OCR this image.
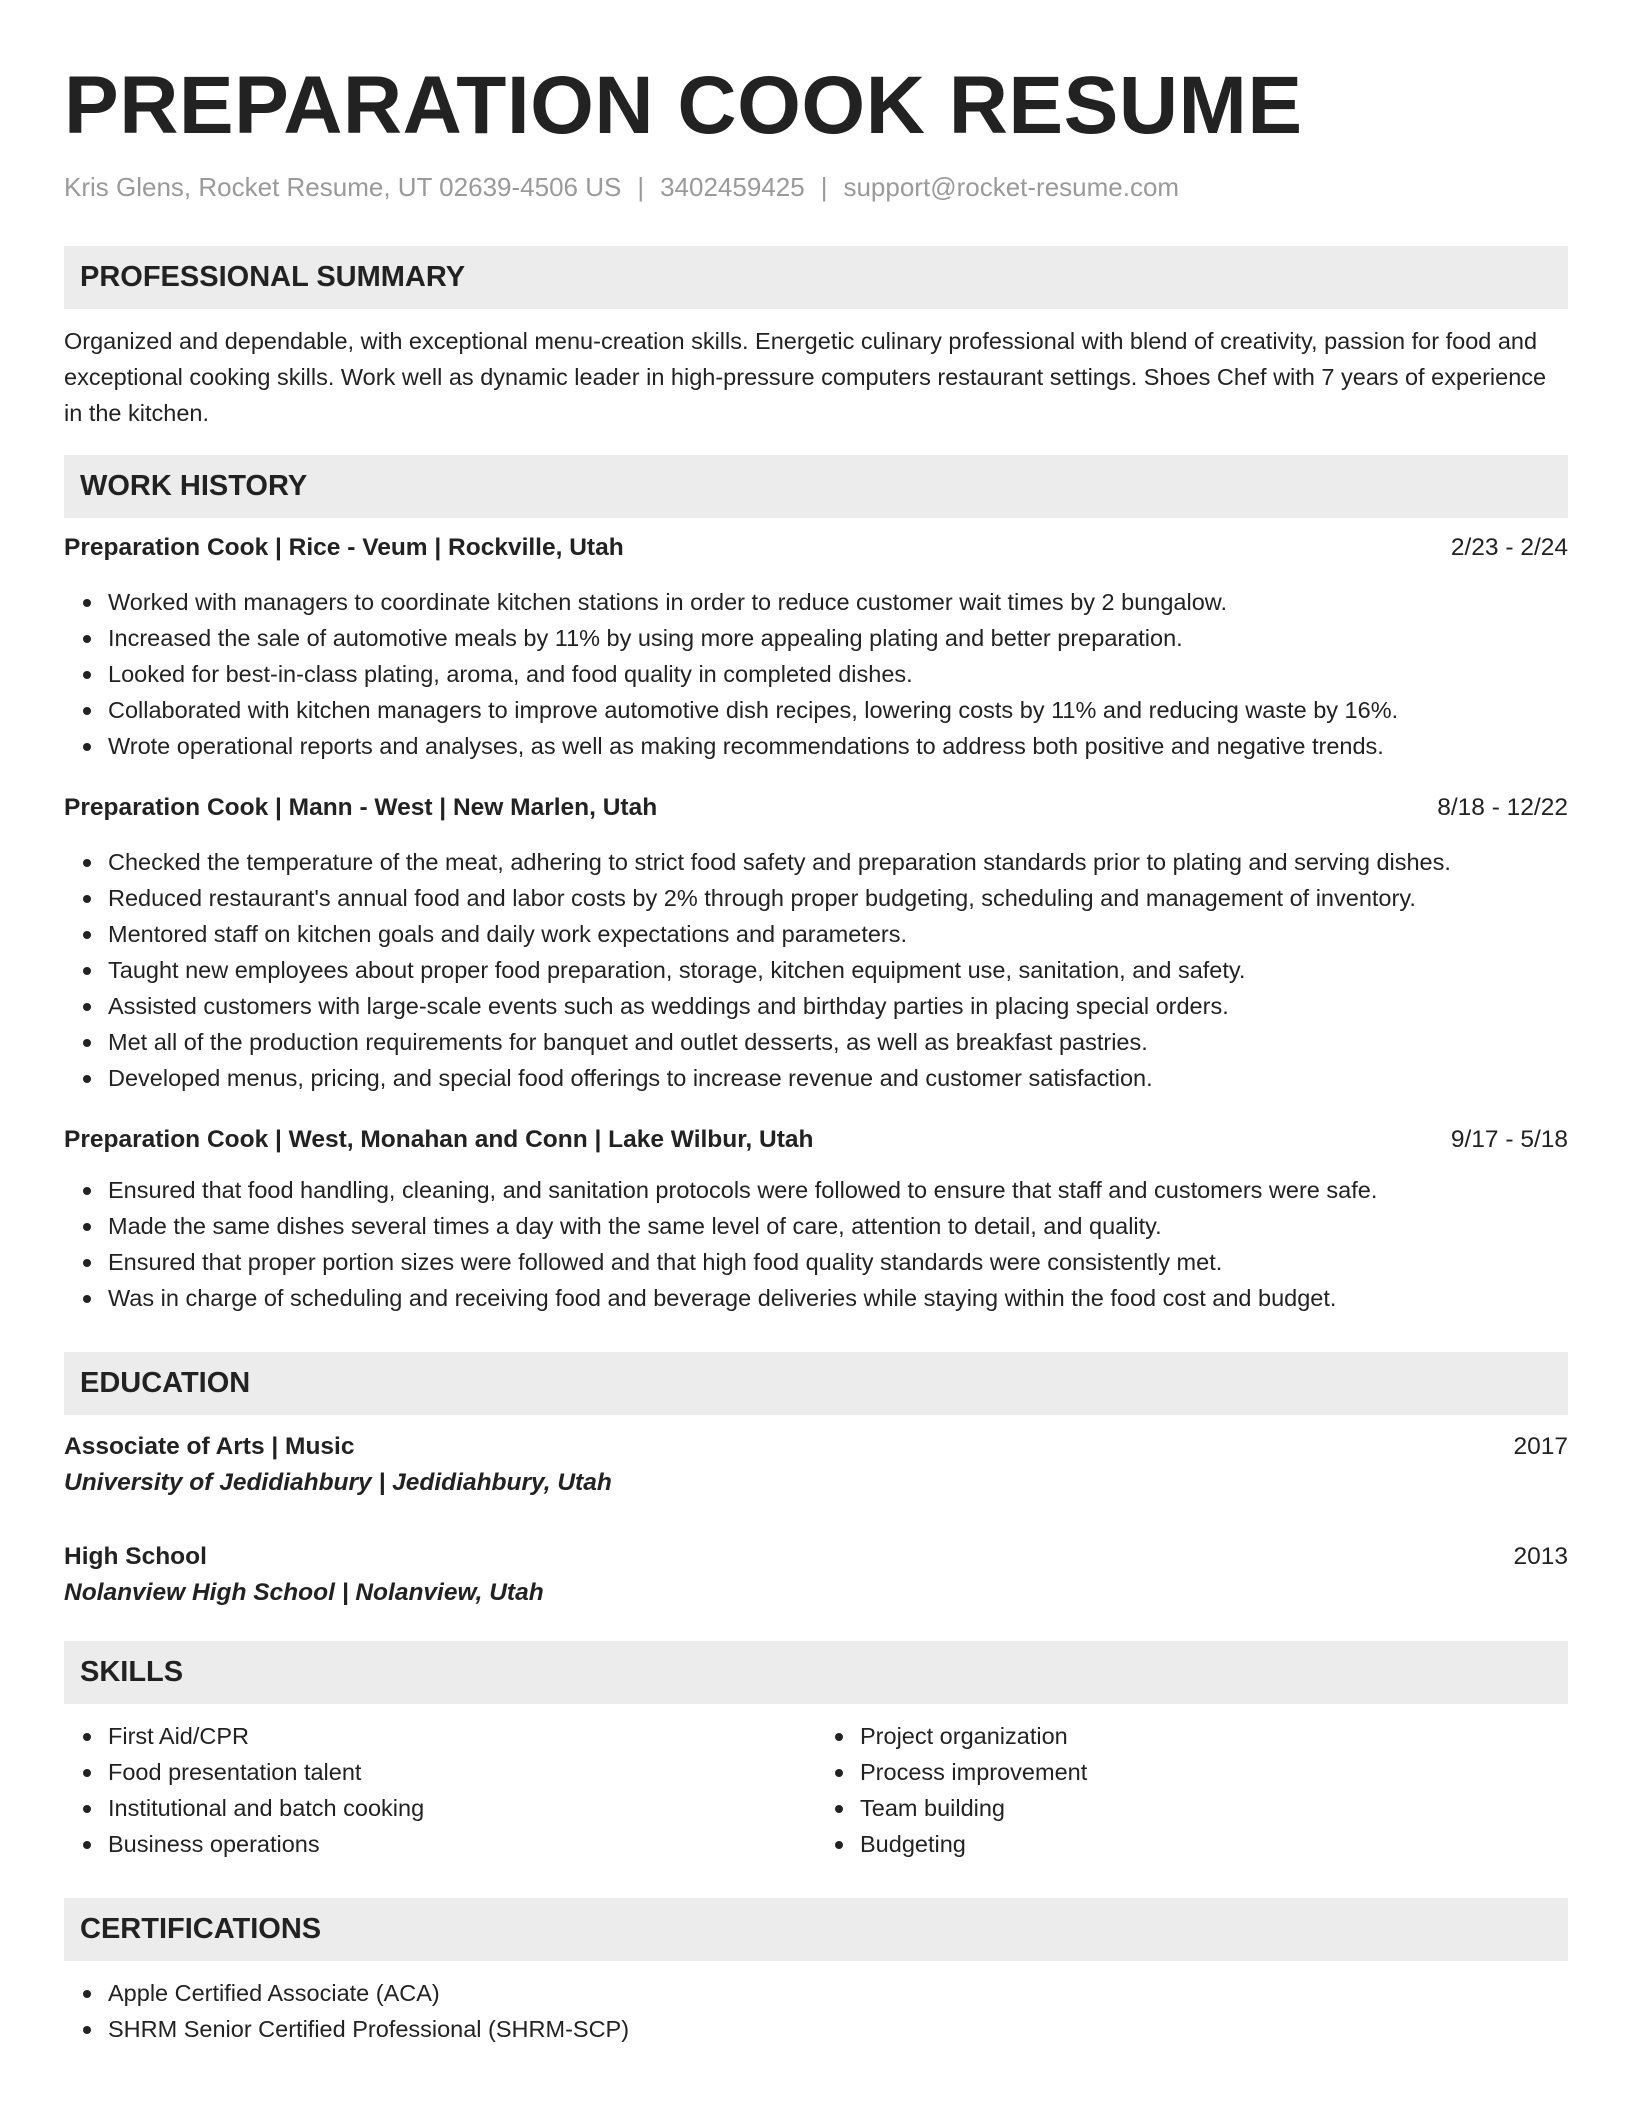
PREPARATION COOK RESUME
Kris Glens, Rocket Resume, UT 02639-4506 US | 3402459425 | support@rocket-resume.com
PROFESSIONAL SUMMARY

Organized and dependable, with exceptional menu-creation skills. Energetic culinary professional with blend of creativity, passion for food and exceptional cooking skills. Work well as dynamic leader in high-pressure computers restaurant settings. Shoes Chef with 7 years of experience in the kitchen.

WORK HISTORY
Preparation Cook | Rice - Veum | Rockville, Utah	2/23 - 2/24
Worked with managers to coordinate kitchen stations in order to reduce customer wait times by 2 bungalow.
Increased the sale of automotive meals by 11% by using more appealing plating and better preparation.
Looked for best-in-class plating, aroma, and food quality in completed dishes.
Collaborated with kitchen managers to improve automotive dish recipes, lowering costs by 11% and reducing waste by 16%.
Wrote operational reports and analyses, as well as making recommendations to address both positive and negative trends.
Preparation Cook | Mann - West | New Marlen, Utah	8/18 - 12/22
Checked the temperature of the meat, adhering to strict food safety and preparation standards prior to plating and serving dishes.
Reduced restaurant's annual food and labor costs by 2% through proper budgeting, scheduling and management of inventory.
Mentored staff on kitchen goals and daily work expectations and parameters.
Taught new employees about proper food preparation, storage, kitchen equipment use, sanitation, and safety.
Assisted customers with large-scale events such as weddings and birthday parties in placing special orders.
Met all of the production requirements for banquet and outlet desserts, as well as breakfast pastries.
Developed menus, pricing, and special food offerings to increase revenue and customer satisfaction.
Preparation Cook | West, Monahan and Conn | Lake Wilbur, Utah	9/17 - 5/18
Ensured that food handling, cleaning, and sanitation protocols were followed to ensure that staff and customers were safe.
Made the same dishes several times a day with the same level of care, attention to detail, and quality.
Ensured that proper portion sizes were followed and that high food quality standards were consistently met.
Was in charge of scheduling and receiving food and beverage deliveries while staying within the food cost and budget.
EDUCATION
Associate of Arts | Music	2017
University of Jedidiahbury | Jedidiahbury, Utah
High School	2013
Nolanview High School | Nolanview, Utah
SKILLS
First Aid/CPR
Food presentation talent
Institutional and batch cooking
Business operations
Project organization
Process improvement
Team building
Budgeting
CERTIFICATIONS
Apple Certified Associate (ACA)
SHRM Senior Certified Professional (SHRM-SCP)
